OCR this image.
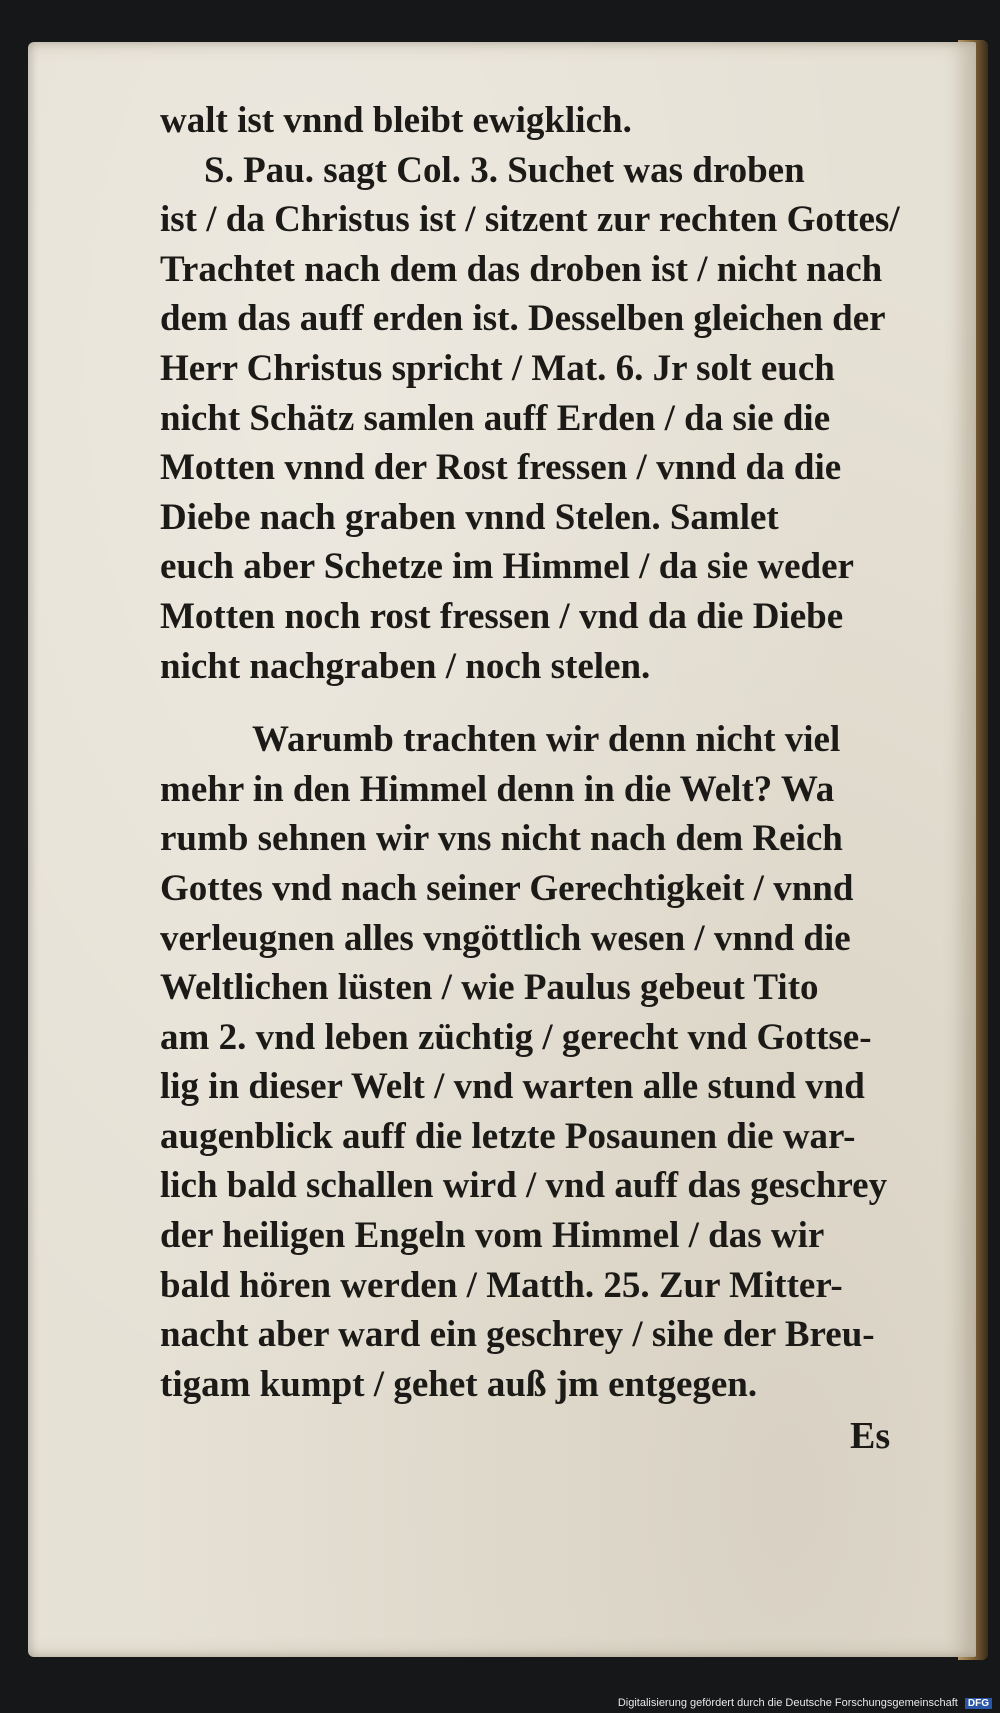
walt ist vnnd bleibt ewigklich.
S. Pau. sagt Col. 3. Suchet was droben
ist / da Christus ist / sitzent zur rechten Gottes/
Trachtet nach dem das droben ist / nicht nach
dem das auff erden ist. Desselben gleichen der
Herr Christus spricht / Mat. 6. Jr solt euch
nicht Schätz samlen auff Erden / da sie die
Motten vnnd der Rost fressen / vnnd da die
Diebe nach graben vnnd Stelen. Samlet
euch aber Schetze im Himmel / da sie weder
Motten noch rost fressen / vnd da die Diebe
nicht nachgraben / noch stelen.
Warumb trachten wir denn nicht viel
mehr in den Himmel denn in die Welt? Wa
rumb sehnen wir vns nicht nach dem Reich
Gottes vnd nach seiner Gerechtigkeit / vnnd
verleugnen alles vngöttlich wesen / vnnd die
Weltlichen lüsten / wie Paulus gebeut Tito
am 2. vnd leben züchtig / gerecht vnd Gottse-
lig in dieser Welt / vnd warten alle stund vnd
augenblick auff die letzte Posaunen die war-
lich bald schallen wird / vnd auff das geschrey
der heiligen Engeln vom Himmel / das wir
bald hören werden / Matth. 25. Zur Mitter-
nacht aber ward ein geschrey / sihe der Breu-
tigam kumpt / gehet auß jm entgegen.
Es
Digitalisierung gefördert durch die Deutsche Forschungsgemeinschaft DFG
